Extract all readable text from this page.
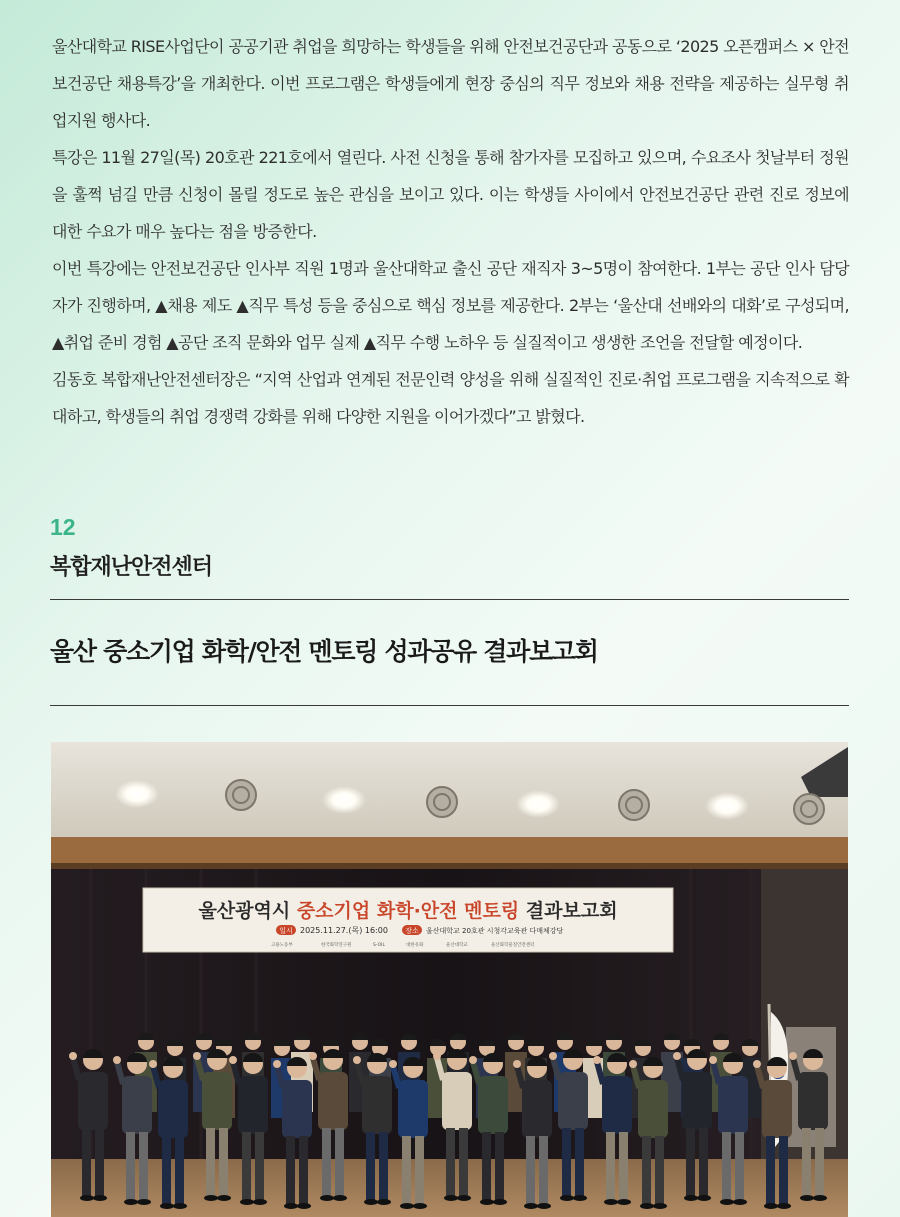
울산대학교 RISE사업단이 공공기관 취업을 희망하는 학생들을 위해 안전보건공단과 공동으로 ‘2025 오픈캠퍼스 × 안전보건공단 채용특강’을 개최한다. 이번 프로그램은 학생들에게 현장 중심의 직무 정보와 채용 전략을 제공하는 실무형 취업지원 행사다.

특강은 11월 27일(목) 20호관 221호에서 열린다. 사전 신청을 통해 참가자를 모집하고 있으며, 수요조사 첫날부터 정원을 훌쩍 넘길 만큼 신청이 몰릴 정도로 높은 관심을 보이고 있다. 이는 학생들 사이에서 안전보건공단 관련 진로 정보에 대한 수요가 매우 높다는 점을 방증한다.

이번 특강에는 안전보건공단 인사부 직원 1명과 울산대학교 출신 공단 재직자 3~5명이 참여한다. 1부는 공단 인사 담당자가 진행하며, ▲채용 제도 ▲직무 특성 등을 중심으로 핵심 정보를 제공한다. 2부는 ‘울산대 선배와의 대화’로 구성되며, ▲취업 준비 경험 ▲공단 조직 문화와 업무 실제 ▲직무 수행 노하우 등 실질적이고 생생한 조언을 전달할 예정이다.

김동호 복합재난안전센터장은 “지역 산업과 연계된 전문인력 양성을 위해 실질적인 진로·취업 프로그램을 지속적으로 확대하고, 학생들의 취업 경쟁력 강화를 위해 다양한 지원을 이어가겠다”고 밝혔다.

12
복합재난안전센터
울산 중소기업 화학/안전 멘토링 성과공유 결과보고회
울산광역시 중소기업 화학·안전 멘토링 결과보고회
일시 2025.11.27.(목) 16:00 장소 울산대학교 20호관 시청각교육관 다매체강당
고용노동부	한국화학연구원	S-OIL	대한유화	울산대학교	울산화학물질안전센터
